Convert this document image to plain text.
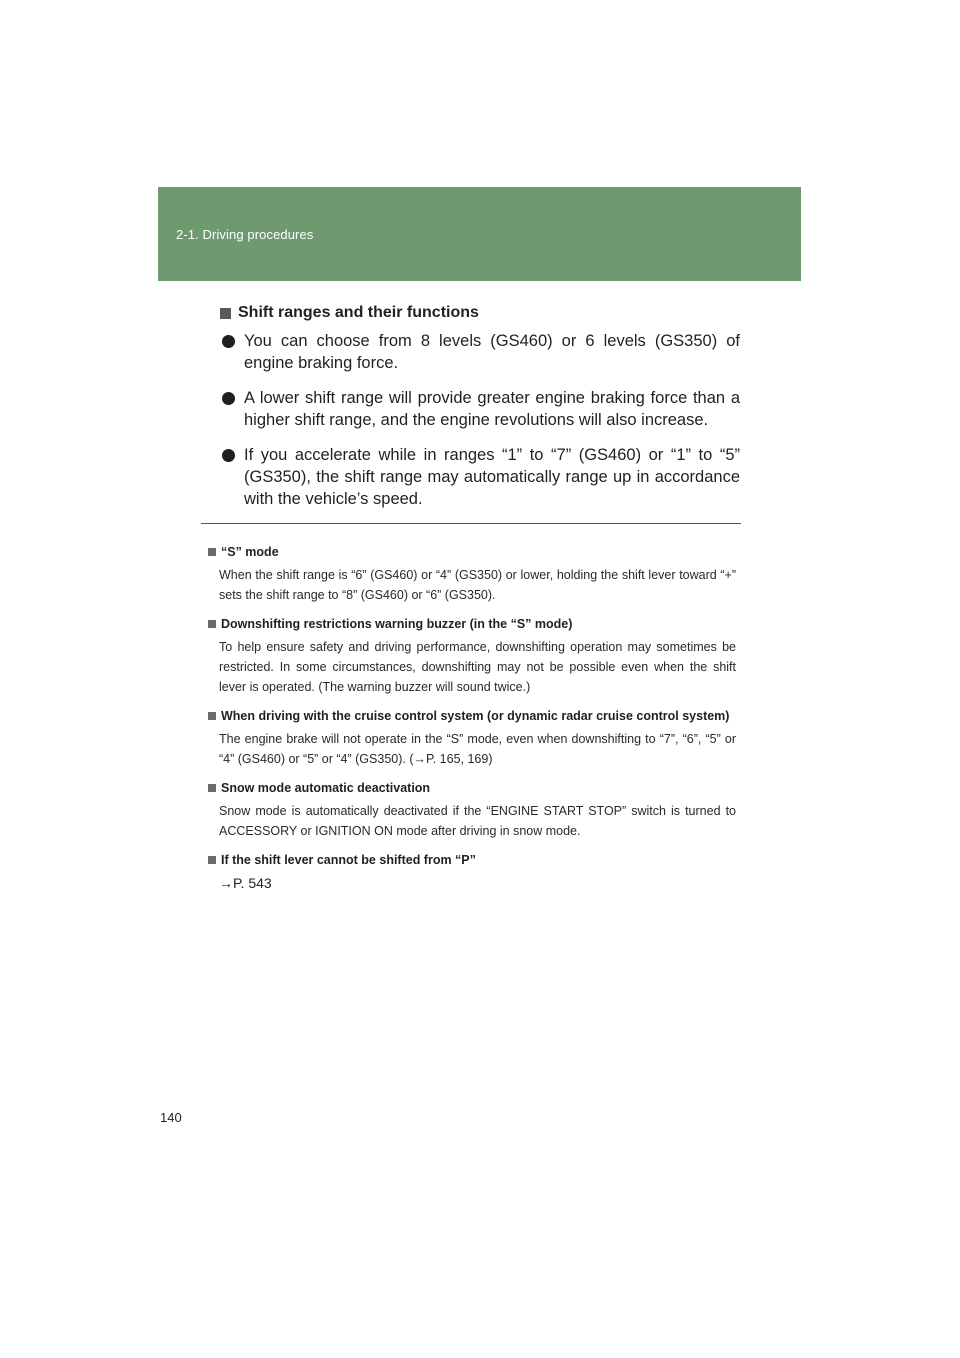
2-1. Driving procedures
Shift ranges and their functions
You can choose from 8 levels (GS460) or 6 levels (GS350) of engine braking force.
A lower shift range will provide greater engine braking force than a higher shift range, and the engine revolutions will also increase.
If you accelerate while in ranges “1” to “7” (GS460) or “1” to “5” (GS350), the shift range may automatically range up in accordance with the vehicle’s speed.
“S” mode
When the shift range is “6” (GS460) or “4” (GS350) or lower, holding the shift lever toward “+” sets the shift range to “8” (GS460) or “6” (GS350).
Downshifting restrictions warning buzzer (in the “S” mode)
To help ensure safety and driving performance, downshifting operation may sometimes be restricted. In some circumstances, downshifting may not be possible even when the shift lever is operated. (The warning buzzer will sound twice.)
When driving with the cruise control system (or dynamic radar cruise control system)
The engine brake will not operate in the “S” mode, even when downshifting to “7”, “6”, “5” or “4” (GS460) or “5” or “4” (GS350). (→P. 165, 169)
Snow mode automatic deactivation
Snow mode is automatically deactivated if the “ENGINE START STOP” switch is turned to ACCESSORY or IGNITION ON mode after driving in snow mode.
If the shift lever cannot be shifted from “P”
→P. 543
140
